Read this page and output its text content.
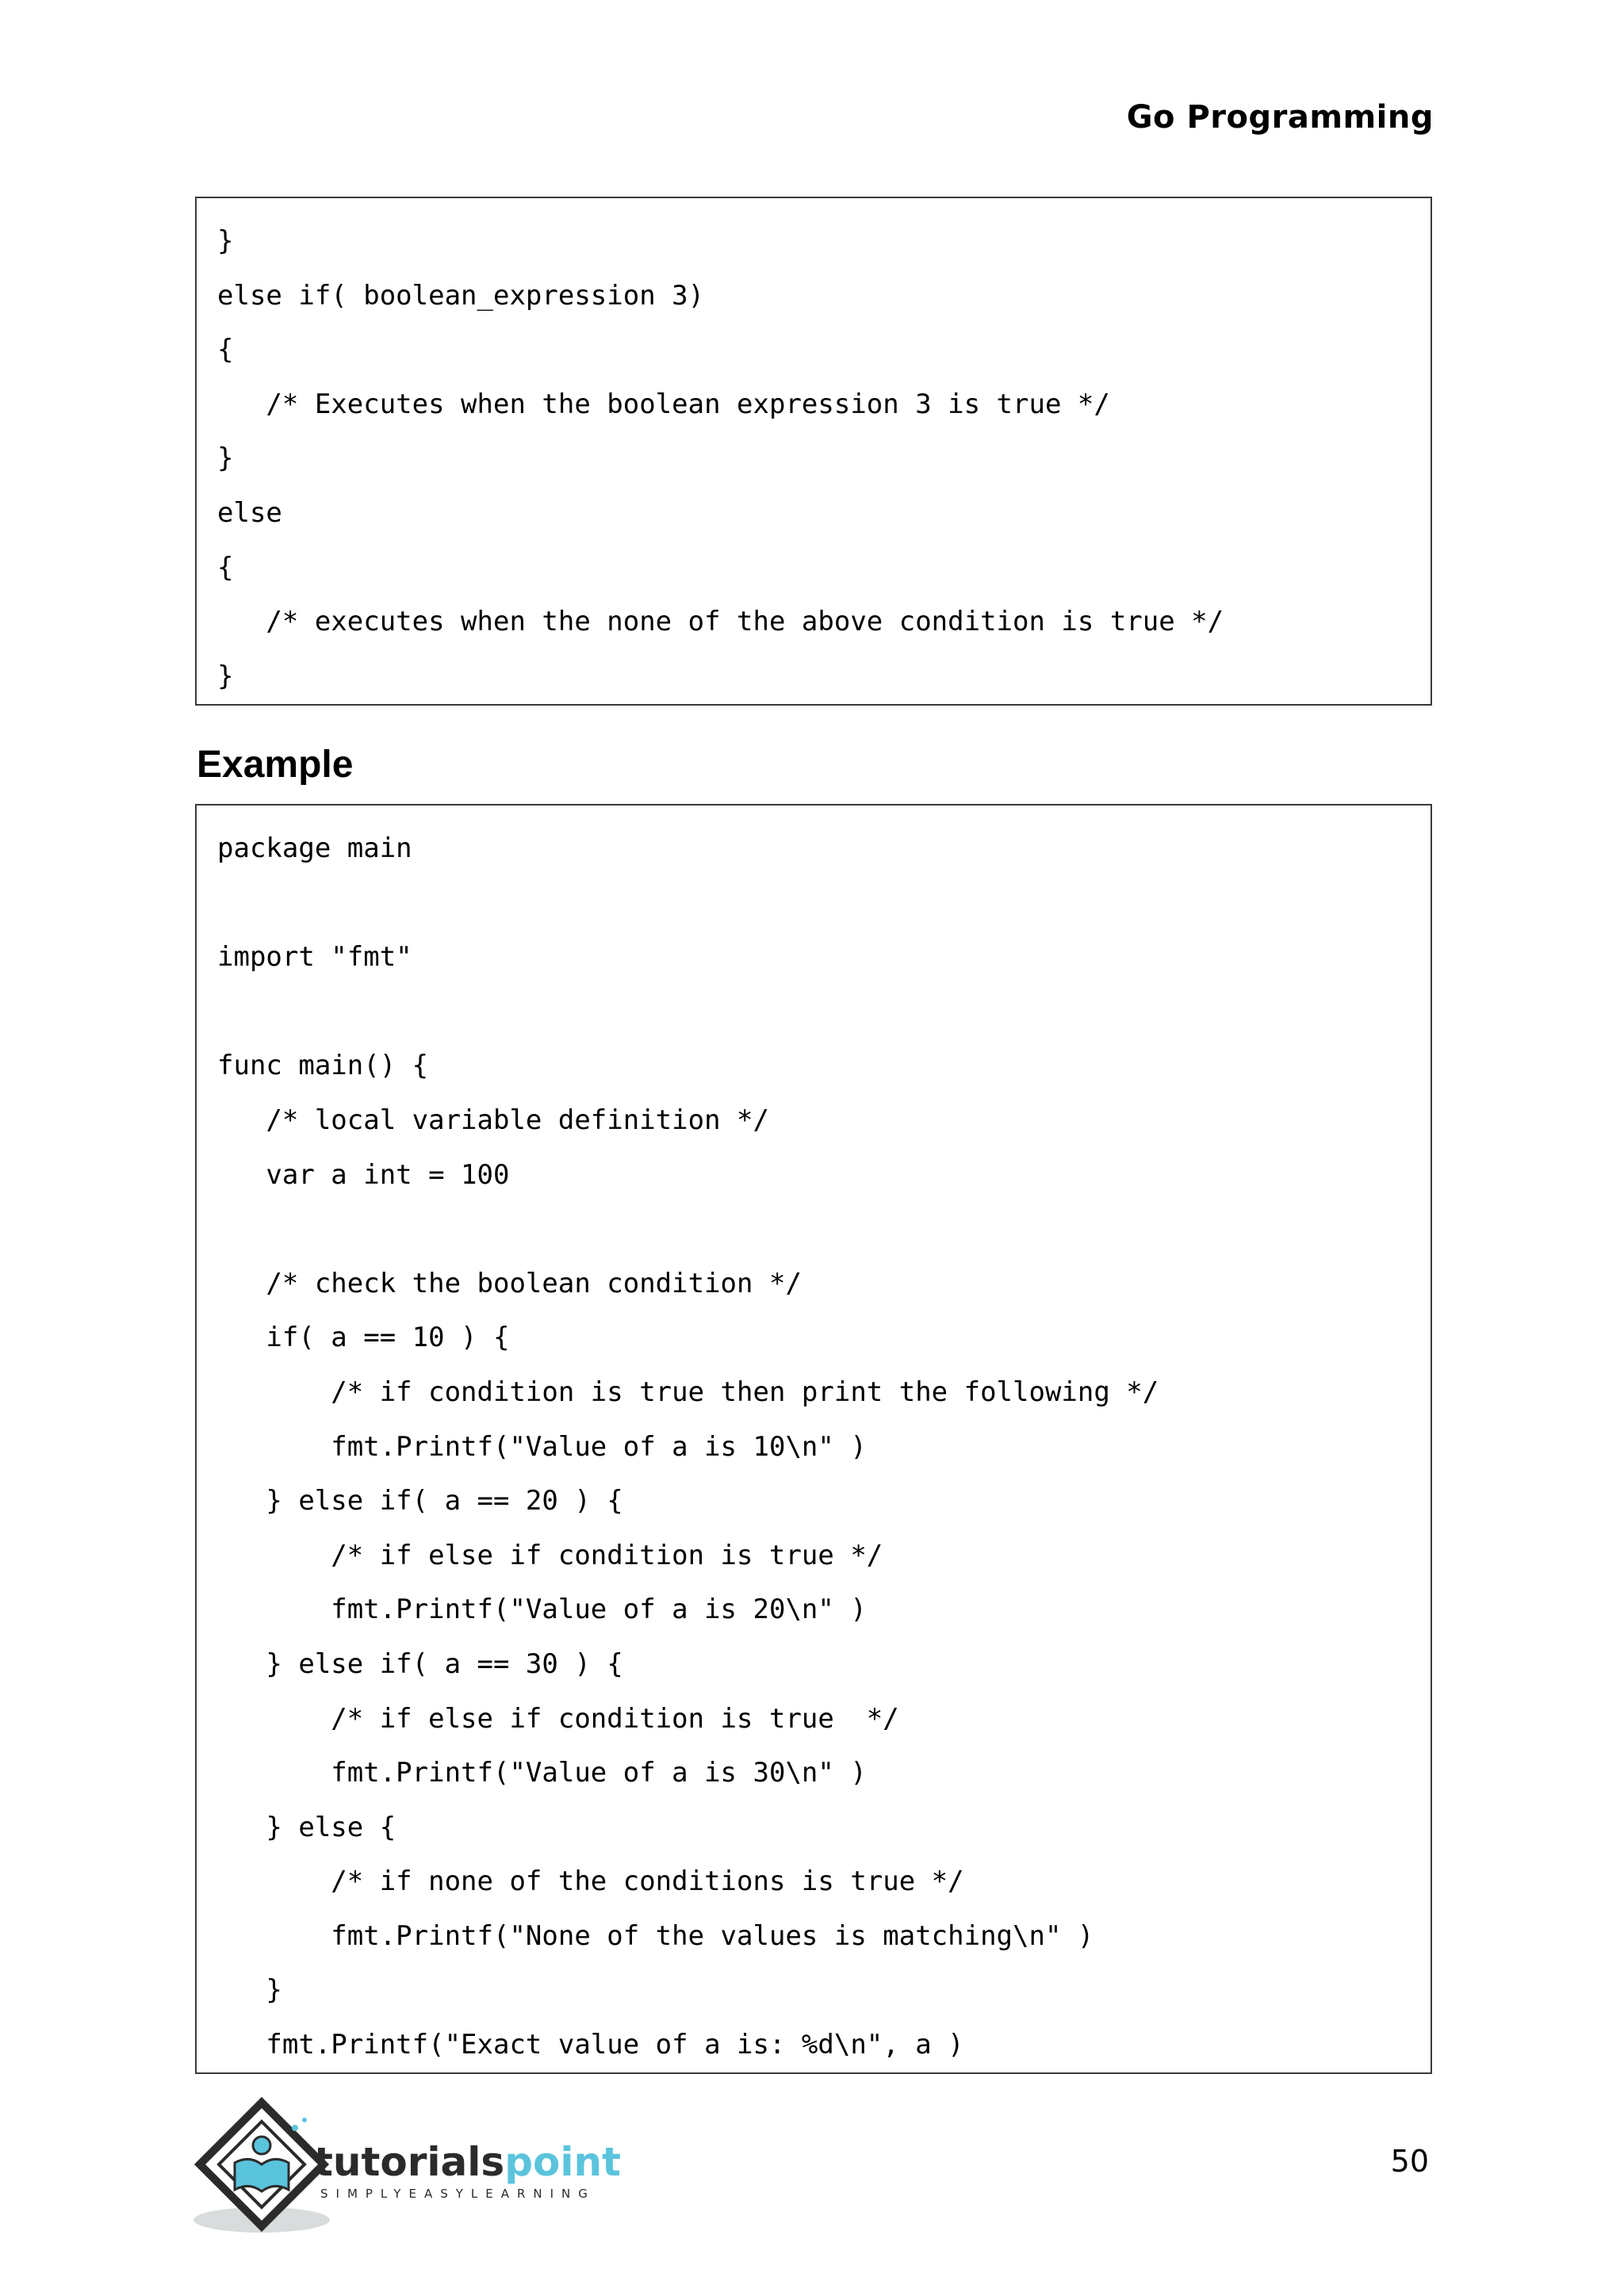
Go Programming
}
else if( boolean_expression 3)
{
/* Executes when the boolean expression 3 is true */
}
else
{
/* executes when the none of the above condition is true */
}
Example
package main
import "fmt"
func main() {
/* local variable definition */
var a int = 100
/* check the boolean condition */
if( a == 10 ) {
/* if condition is true then print the following */
fmt.Printf("Value of a is 10\n" )
} else if( a == 20 ) {
/* if else if condition is true */
fmt.Printf("Value of a is 20\n" )
} else if( a == 30 ) {
/* if else if condition is true  */
fmt.Printf("Value of a is 30\n" )
} else {
/* if none of the conditions is true */
fmt.Printf("None of the values is matching\n" )
}
fmt.Printf("Exact value of a is: %d\n", a )
tutorialspoint
SIMPLYEASYLEARNING
50
